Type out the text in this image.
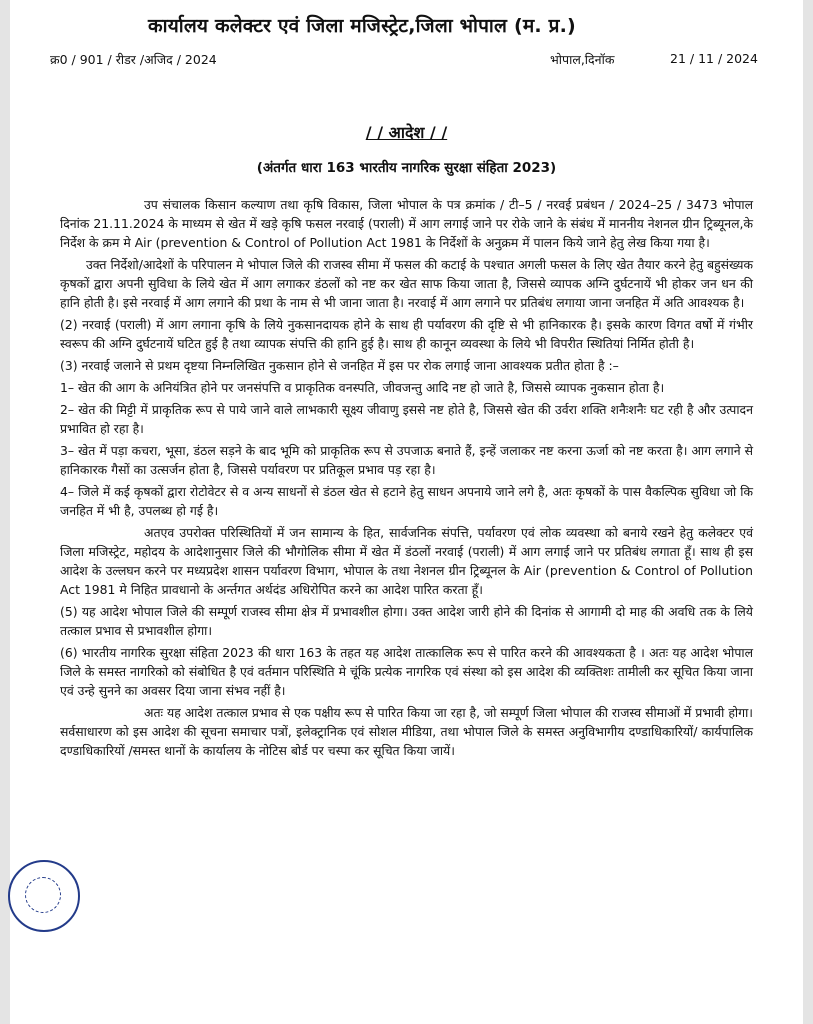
कार्यालय कलेक्टर एवं जिला मजिस्ट्रेट,जिला भोपाल (म. प्र.)
क्र0 / 901 / रीडर /अजिद / 2024	भोपाल,दिनॉक	21 / 11 / 2024
/ / आदेश / /
(अंतर्गत धारा 163 भारतीय नागरिक सुरक्षा संहिता 2023)

उप संचालक किसान कल्याण तथा कृषि विकास, जिला भोपाल के पत्र क्रमांक / टी–5 / नरवई प्रबंधन / 2024–25 / 3473 भोपाल दिनांक 21.11.2024 के माध्यम से खेत में खड़े कृषि फसल नरवाई (पराली) में आग लगाई जाने पर रोके जाने के संबंध में माननीय नेशनल ग्रीन ट्रिब्यूनल,के निर्देश के क्रम मे Air (prevention & Control of Pollution Act 1981 के निर्देशों के अनुक्रम में पालन किये जाने हेतु लेख किया गया है।

उक्त निर्देशो/आदेशों के परिपालन मे भोपाल जिले की राजस्व सीमा में फसल की कटाई के पश्चात अगली फसल के लिए खेत तैयार करने हेतु बहुसंख्यक कृषकों द्वारा अपनी सुविधा के लिये खेत में आग लगाकर डंठलों को नष्ट कर खेत साफ किया जाता है, जिससे व्यापक अग्नि दुर्घटनायें भी होकर जन धन की हानि होती है। इसे नरवाई में आग लगाने की प्रथा के नाम से भी जाना जाता है। नरवाई में आग लगाने पर प्रतिबंध लगाया जाना जनहित में अति आवश्यक है।

(2) नरवाई (पराली) में आग लगाना कृषि के लिये नुकसानदायक होने के साथ ही पर्यावरण की दृष्टि से भी हानिकारक है। इसके कारण विगत वर्षो में गंभीर स्वरूप की अग्नि दुर्घटनायें घटित हुई है तथा व्यापक संपत्ति की हानि हुई है। साथ ही कानून व्यवस्था के लिये भी विपरीत स्थितियां निर्मित होती है।

(3) नरवाई जलाने से प्रथम दृष्टया निम्नलिखित नुकसान होने से जनहित में इस पर रोक लगाई जाना आवश्यक प्रतीत होता है :–

1– खेत की आग के अनियंत्रित होने पर जनसंपत्ति व प्राकृतिक वनस्पति, जीवजन्तु आदि नष्ट हो जाते है, जिससे व्यापक नुकसान होता है।

2– खेत की मिट्टी में प्राकृतिक रूप से पाये जाने वाले लाभकारी सूक्ष्य जीवाणु इससे नष्ट होते है, जिससे खेत की उर्वरा शक्ति शनैःशनैः घट रही है और उत्पादन प्रभावित हो रहा है।

3– खेत में पड़ा कचरा, भूसा, डंठल सड़ने के बाद भूमि को प्राकृतिक रूप से उपजाऊ बनाते हैं, इन्हें जलाकर नष्ट करना ऊर्जा को नष्ट करता है। आग लगाने से हानिकारक गैसों का उत्सर्जन होता है, जिससे पर्यावरण पर प्रतिकूल प्रभाव पड़ रहा है।

4– जिले में कई कृषकों द्वारा रोटोवेटर से व अन्य साधनों से डंठल खेत से हटाने हेतु साधन अपनाये जाने लगे है, अतः कृषकों के पास वैकल्पिक सुविधा जो कि जनहित में भी है, उपलब्ध हो गई है।

अतएव उपरोक्त परिस्थितियों में जन सामान्य के हित, सार्वजनिक संपत्ति, पर्यावरण एवं लोक व्यवस्था को बनाये रखने हेतु कलेक्टर एवं जिला मजिस्ट्रेट, महोदय के आदेशानुसार जिले की भौगोलिक सीमा में खेत में डंठलों नरवाई (पराली) में आग लगाई जाने पर प्रतिबंध लगाता हूँ। साथ ही इस आदेश के उल्लघन करने पर मध्यप्रदेश शासन पर्यावरण विभाग, भोपाल के तथा नेशनल ग्रीन ट्रिब्यूनल के Air (prevention & Control of Pollution Act 1981 मे निहित प्रावधानो के अर्न्तगत अर्थदंड अधिरोपित करने का आदेश पारित करता हूँ।

(5) यह आदेश भोपाल जिले की सम्पूर्ण राजस्व सीमा क्षेत्र में प्रभावशील होगा। उक्त आदेश जारी होने की दिनांक से आगामी दो माह की अवधि तक के लिये तत्काल प्रभाव से प्रभावशील होगा।

(6) भारतीय नागरिक सुरक्षा संहिता 2023 की धारा 163 के तहत यह आदेश तात्कालिक रूप से पारित करने की आवश्यकता है । अतः यह आदेश भोपाल जिले के समस्त नागरिको को संबोधित है एवं वर्तमान परिस्थिति मे चूंकि प्रत्येक नागरिक एवं संस्था को इस आदेश की व्यक्तिशः तामीली कर सूचित किया जाना एवं उन्हे सुनने का अवसर दिया जाना संभव नहीं है।

अतः यह आदेश तत्काल प्रभाव से एक पक्षीय रूप से पारित किया जा रहा है, जो सम्पूर्ण जिला भोपाल की राजस्व सीमाओं में प्रभावी होगा। सर्वसाधारण को इस आदेश की सूचना समाचार पत्रों, इलेक्ट्रानिक एवं सोशल मीडिया, तथा भोपाल जिले के समस्त अनुविभागीय दण्डाधिकारियों/ कार्यपालिक दण्डाधिकारियों /समस्त थानों के कार्यालय के नोटिस बोर्ड पर चस्पा कर सूचित किया जायें।
